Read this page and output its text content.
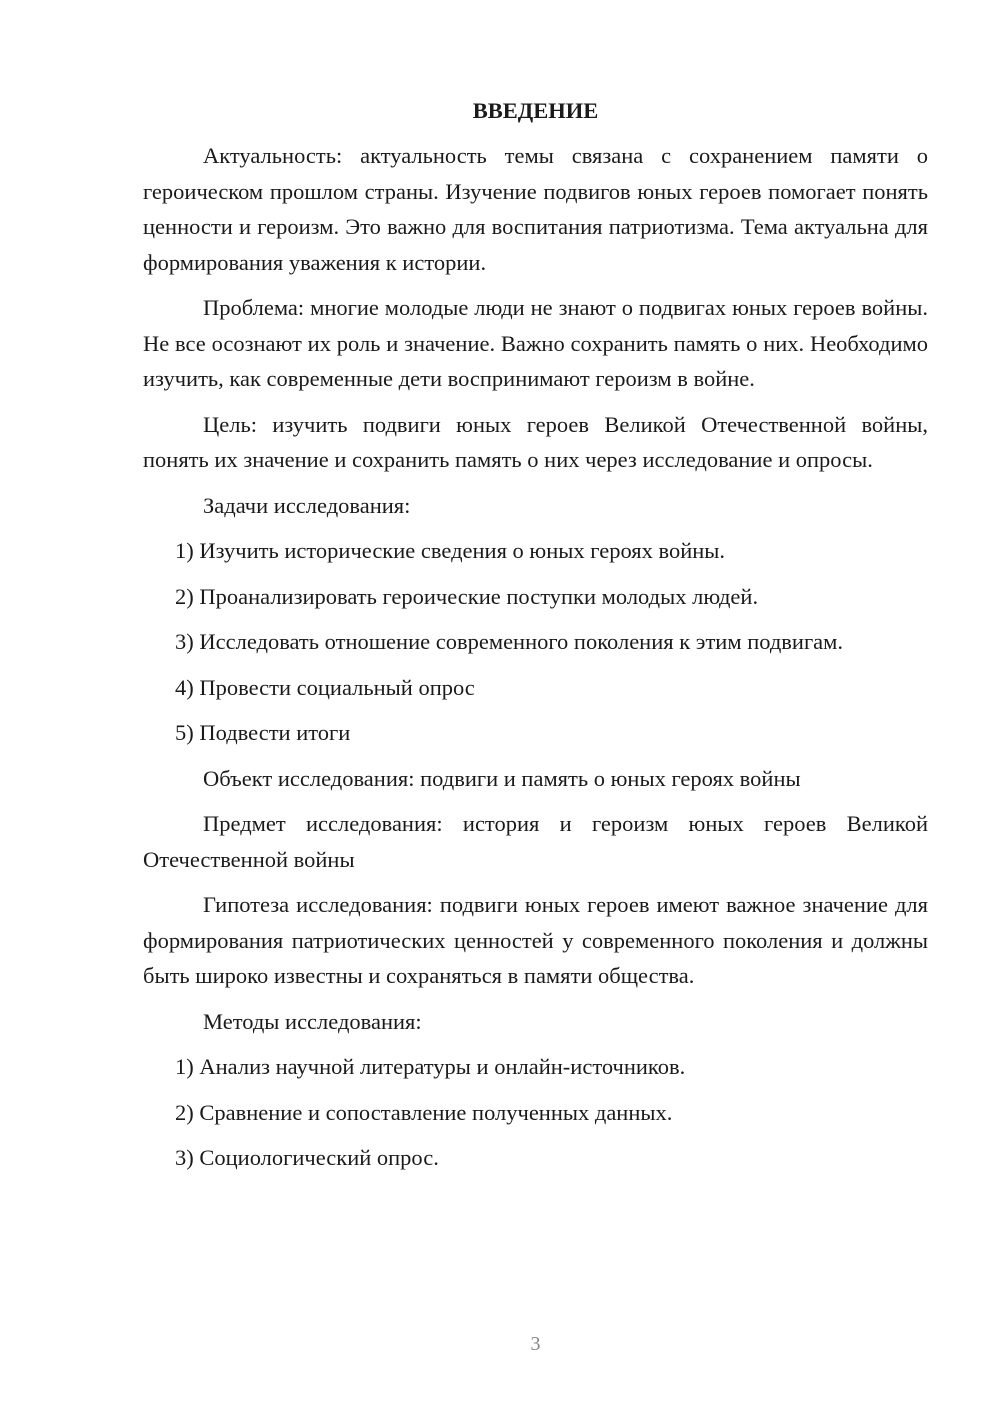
ВВЕДЕНИЕ

Актуальность: актуальность темы связана с сохранением памяти о героическом прошлом страны. Изучение подвигов юных героев помогает понять ценности и героизм. Это важно для воспитания патриотизма. Тема актуальна для формирования уважения к истории.

Проблема: многие молодые люди не знают о подвигах юных героев войны. Не все осознают их роль и значение. Важно сохранить память о них. Необходимо изучить, как современные дети воспринимают героизм в войне.

Цель: изучить подвиги юных героев Великой Отечественной войны, понять их значение и сохранить память о них через исследование и опросы.

Задачи исследования:

1) Изучить исторические сведения о юных героях войны.

2) Проанализировать героические поступки молодых людей.

3) Исследовать отношение современного поколения к этим подвигам.

4) Провести социальный опрос

5) Подвести итоги

Объект исследования: подвиги и память о юных героях войны

Предмет исследования: история и героизм юных героев Великой Отечественной войны

Гипотеза исследования: подвиги юных героев имеют важное значение для формирования патриотических ценностей у современного поколения и должны быть широко известны и сохраняться в памяти общества.

Методы исследования:

1) Анализ научной литературы и онлайн-источников.

2) Сравнение и сопоставление полученных данных.

3) Социологический опрос.

3
